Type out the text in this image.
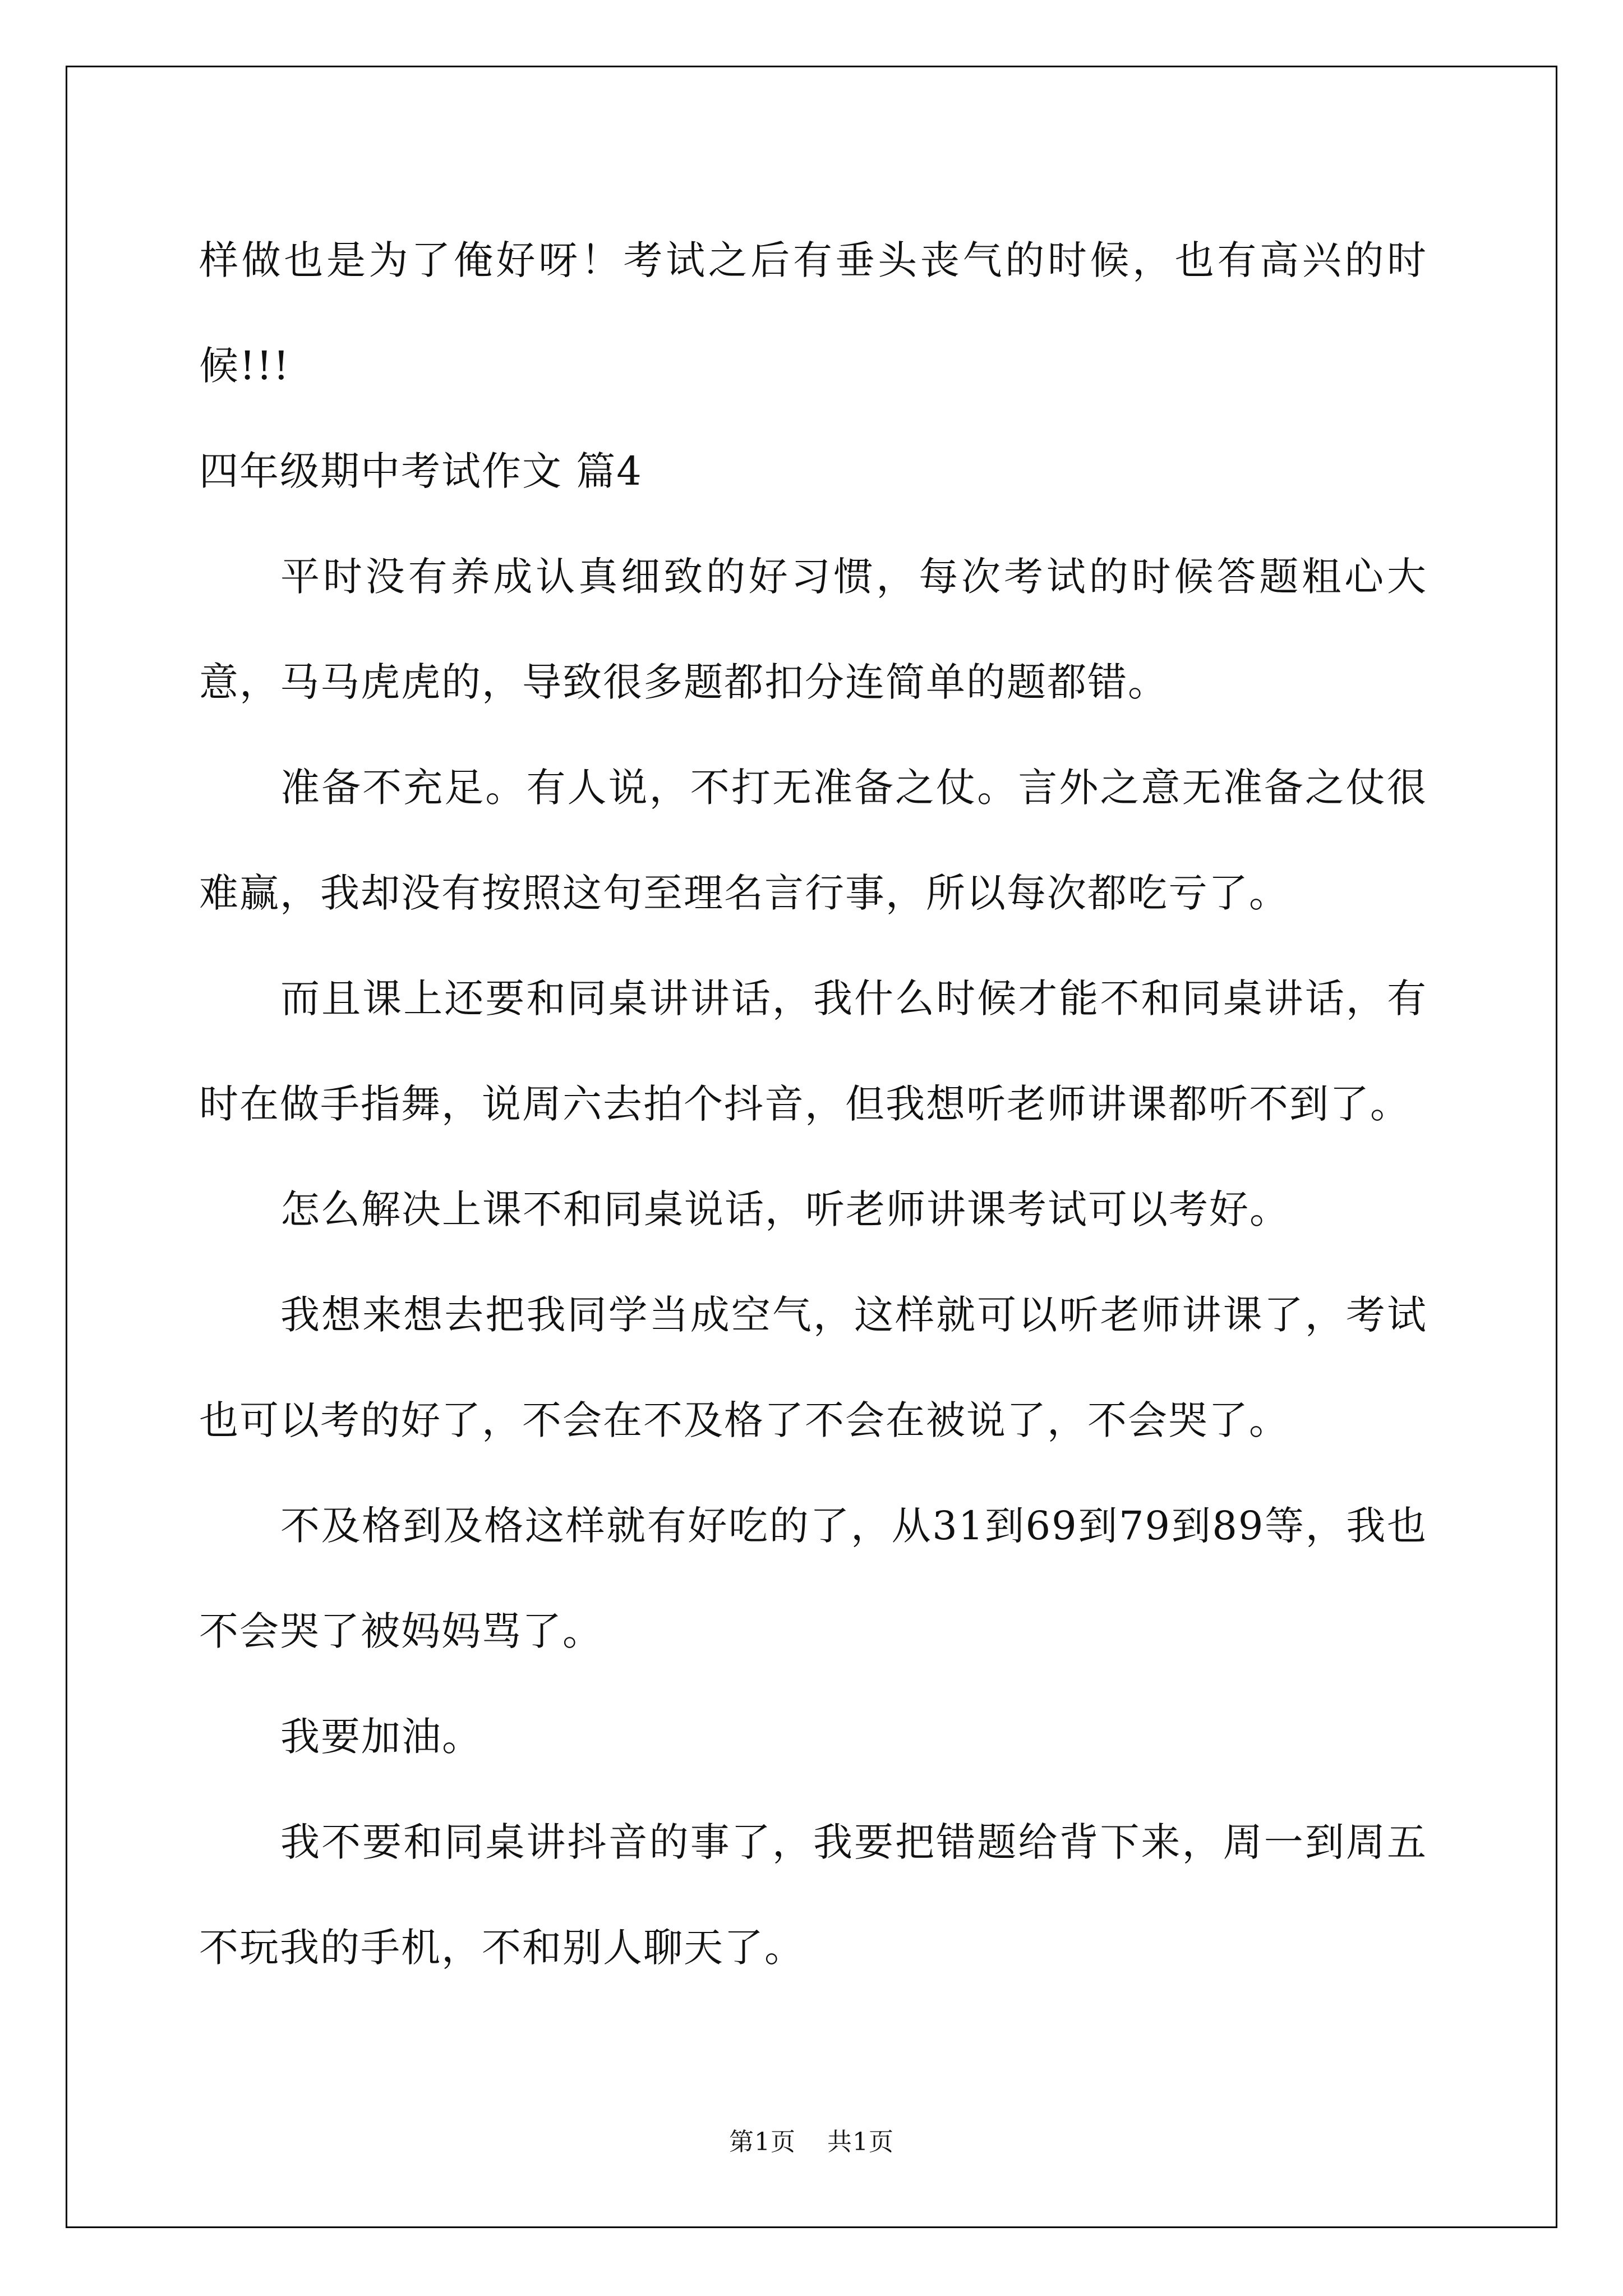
样做也是为了俺好呀！考试之后有垂头丧气的时候，也有高兴的时候!!!

四年级期中考试作文 篇4

平时没有养成认真细致的好习惯，每次考试的时候答题粗心大意，马马虎虎的，导致很多题都扣分连简单的题都错。

准备不充足。有人说，不打无准备之仗。言外之意无准备之仗很难赢，我却没有按照这句至理名言行事，所以每次都吃亏了。

而且课上还要和同桌讲讲话，我什么时候才能不和同桌讲话，有时在做手指舞，说周六去拍个抖音，但我想听老师讲课都听不到了。

怎么解决上课不和同桌说话，听老师讲课考试可以考好。

我想来想去把我同学当成空气，这样就可以听老师讲课了，考试也可以考的好了，不会在不及格了不会在被说了，不会哭了。

不及格到及格这样就有好吃的了，从31到69到79到89等，我也不会哭了被妈妈骂了。

我要加油。

我不要和同桌讲抖音的事了，我要把错题给背下来，周一到周五不玩我的手机，不和别人聊天了。

第1页 共1页
